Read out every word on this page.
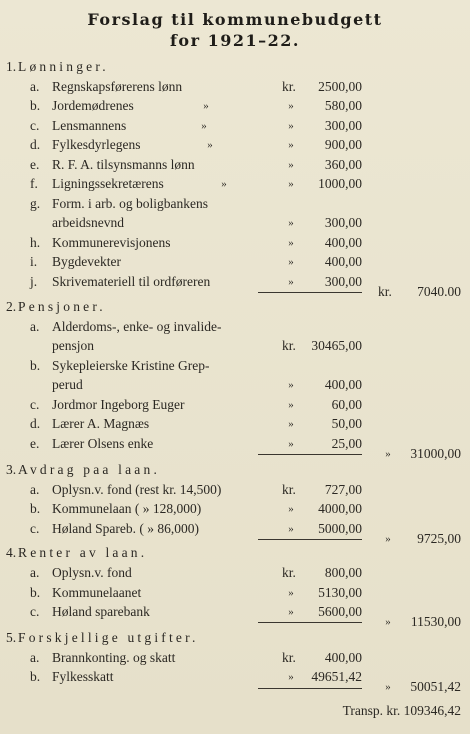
Forslag til kommunebudgett
for 1921–22.
1. Lønninger.
a. Regnskapsførerens lønn	kr. 2500,00
b. Jordemødrenes	»	»	580,00
c. Lensmannens	»	»	300,00
d. Fylkesdyrlegens	»	»	900,00
e. R. F. A. tilsynsmanns lønn	»	360,00
f. Ligningssekretærens	»	»	1000,00
g. Form. i arb. og boligbankens
arbeidsnevnd	»	300,00
h. Kommunerevisjonens	»	400,00
i. Bygdevekter	»	400,00
j. Skrivemateriell til ordføreren	»	300,00
kr. 7040.00
2. Pensjoner.
a. Alderdoms-, enke- og invalide-
pensjon	kr. 30465,00
b. Sykepleierske Kristine Grep-
perud	»	400,00
c. Jordmor Ingeborg Euger	»	60,00
d. Lærer A. Magnæs	»	50,00
e. Lærer Olsens enke	»	25,00
»	31000,00
3. Avdrag paa laan.
a. Oplysn.v. fond (rest kr. 14,500)	kr. 727,00
b. Kommunelaan ( » 128,000)	»	4000,00
c. Høland Spareb. ( » 86,000)	»	5000,00
»	9725,00
4. Renter av laan.
a. Oplysn.v. fond	kr. 800,00
b. Kommunelaanet	»	5130,00
c. Høland sparebank	»	5600,00
»	11530,00
5. Forskjellige utgifter.
a. Brannkonting. og skatt	kr. 400,00
b. Fylkesskatt	»	49651,42
»	50051,42
Transp. kr. 109346,42
